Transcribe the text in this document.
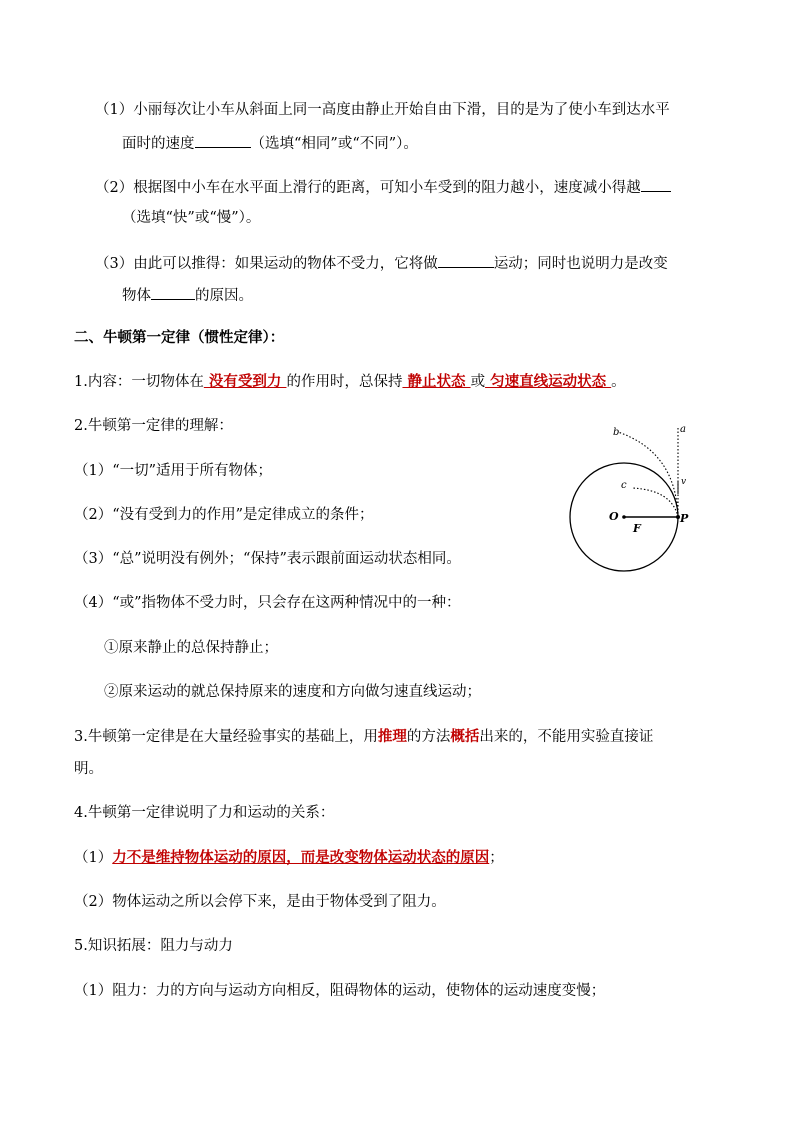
（1）小丽每次让小车从斜面上同一高度由静止开始自由下滑，目的是为了使小车到达水平
面时的速度	（选填“相同”或“不同”）。
（2）根据图中小车在水平面上滑行的距离，可知小车受到的阻力越小，速度减小得越
（选填“快”或“慢”）。
（3）由此可以推得：如果运动的物体不受力，它将做	运动；同时也说明力是改变
物体	的原因。
二、牛顿第一定律（惯性定律）：
1.内容：一切物体在 没有受到力 的作用时，总保持 静止状态 或 匀速直线运动状态 。
2.牛顿第一定律的理解：
（1）“一切”适用于所有物体；
（2）“没有受到力的作用”是定律成立的条件；
（3）“总”说明没有例外；“保持”表示跟前面运动状态相同。
（4）“或”指物体不受力时，只会存在这两种情况中的一种：
①原来静止的总保持静止；
②原来运动的就总保持原来的速度和方向做匀速直线运动；
3.牛顿第一定律是在大量经验事实的基础上，用推理的方法概括出来的，不能用实验直接证
明。
4.牛顿第一定律说明了力和运动的关系：
（1）力不是维持物体运动的原因，而是改变物体运动状态的原因；
（2）物体运动之所以会停下来，是由于物体受到了阻力。
5.知识拓展：阻力与动力
（1）阻力：力的方向与运动方向相反，阻碍物体的运动，使物体的运动速度变慢；
a
b
c	v
O
F
P
